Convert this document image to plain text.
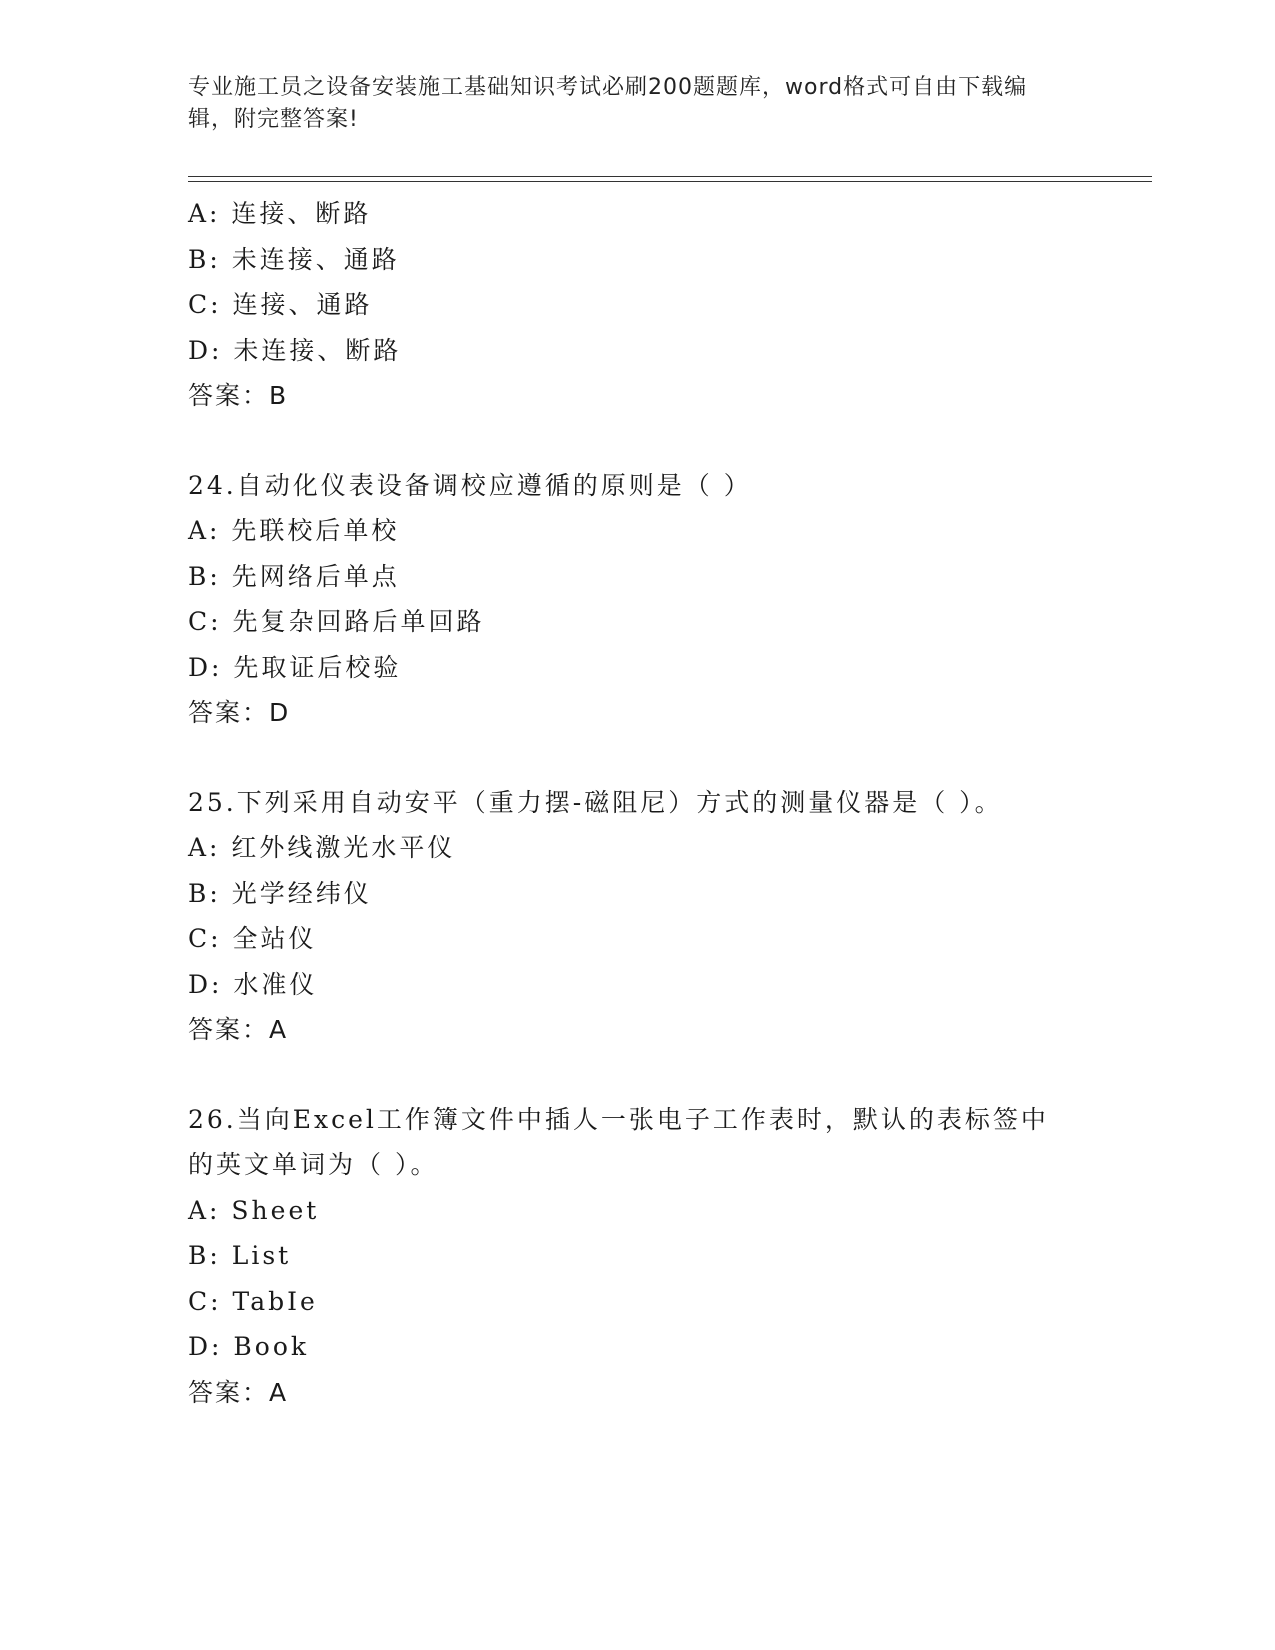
专业施工员之设备安装施工基础知识考试必刷200题题库，word格式可自由下载编辑，附完整答案!
A: 连接、断路
B: 未连接、通路
C: 连接、通路
D: 未连接、断路
答案：B
24.自动化仪表设备调校应遵循的原则是（ ）
A: 先联校后单校
B: 先网络后单点
C: 先复杂回路后单回路
D: 先取证后校验
答案：D
25.下列采用自动安平（重力摆-磁阻尼）方式的测量仪器是（ ）。
A: 红外线激光水平仪
B: 光学经纬仪
C: 全站仪
D: 水准仪
答案：A
26.当向Excel工作簿文件中插人一张电子工作表时，默认的表标签中的英文单词为（ ）。
A: Sheet
B: List
C: TabIe
D: Book
答案：A
